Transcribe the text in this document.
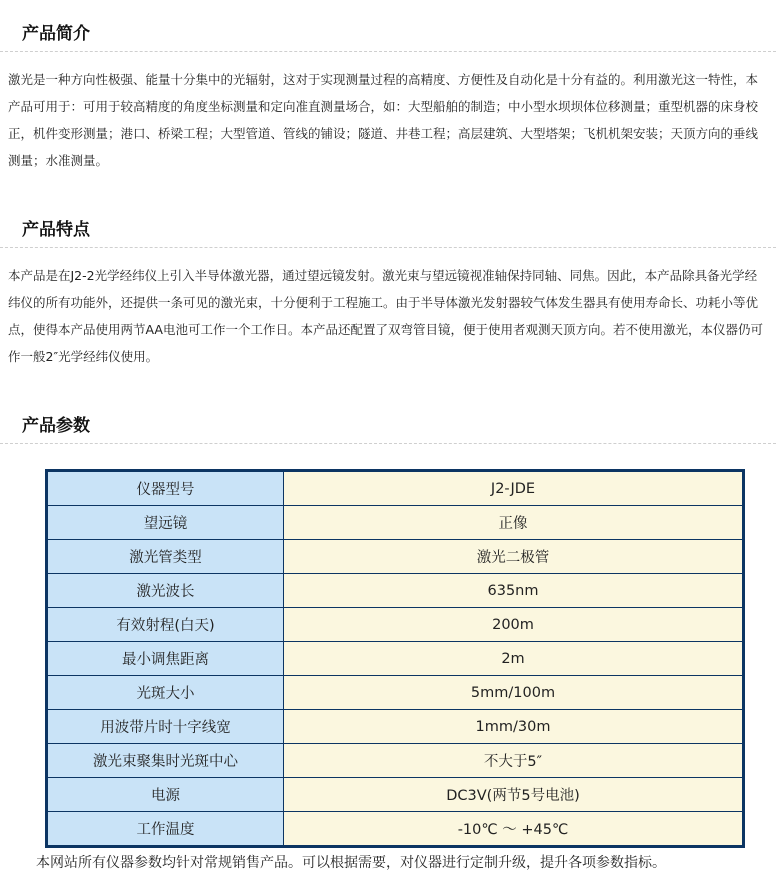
产品简介
激光是一种方向性极强、能量十分集中的光辐射，这对于实现测量过程的高精度、方便性及自动化是十分有益的。利用激光这一特性，本产品可用于：可用于较高精度的角度坐标测量和定向准直测量场合，如：大型船舶的制造；中小型水坝坝体位移测量；重型机器的床身校正，机件变形测量；港口、桥梁工程；大型管道、管线的铺设；隧道、井巷工程；高层建筑、大型塔架；飞机机架安装；天顶方向的垂线测量；水准测量。
产品特点
本产品是在J2-2光学经纬仪上引入半导体激光器，通过望远镜发射。激光束与望远镜视准轴保持同轴、同焦。因此，本产品除具备光学经纬仪的所有功能外，还提供一条可见的激光束，十分便利于工程施工。由于半导体激光发射器较气体发生器具有使用寿命长、功耗小等优点，使得本产品使用两节AA电池可工作一个工作日。本产品还配置了双弯管目镜，便于使用者观测天顶方向。若不使用激光，本仪器仍可作一般2″光学经纬仪使用。
产品参数
仪器型号	J2-JDE
望远镜	正像
激光管类型	激光二极管
激光波长	635nm
有效射程(白天)	200m
最小调焦距离	2m
光斑大小	5mm/100m
用波带片时十字线宽	1mm/30m
激光束聚集时光斑中心	不大于5″
电源	DC3V(两节5号电池)
工作温度	-10℃ ～ +45℃
本网站所有仪器参数均针对常规销售产品。可以根据需要，对仪器进行定制升级，提升各项参数指标。
